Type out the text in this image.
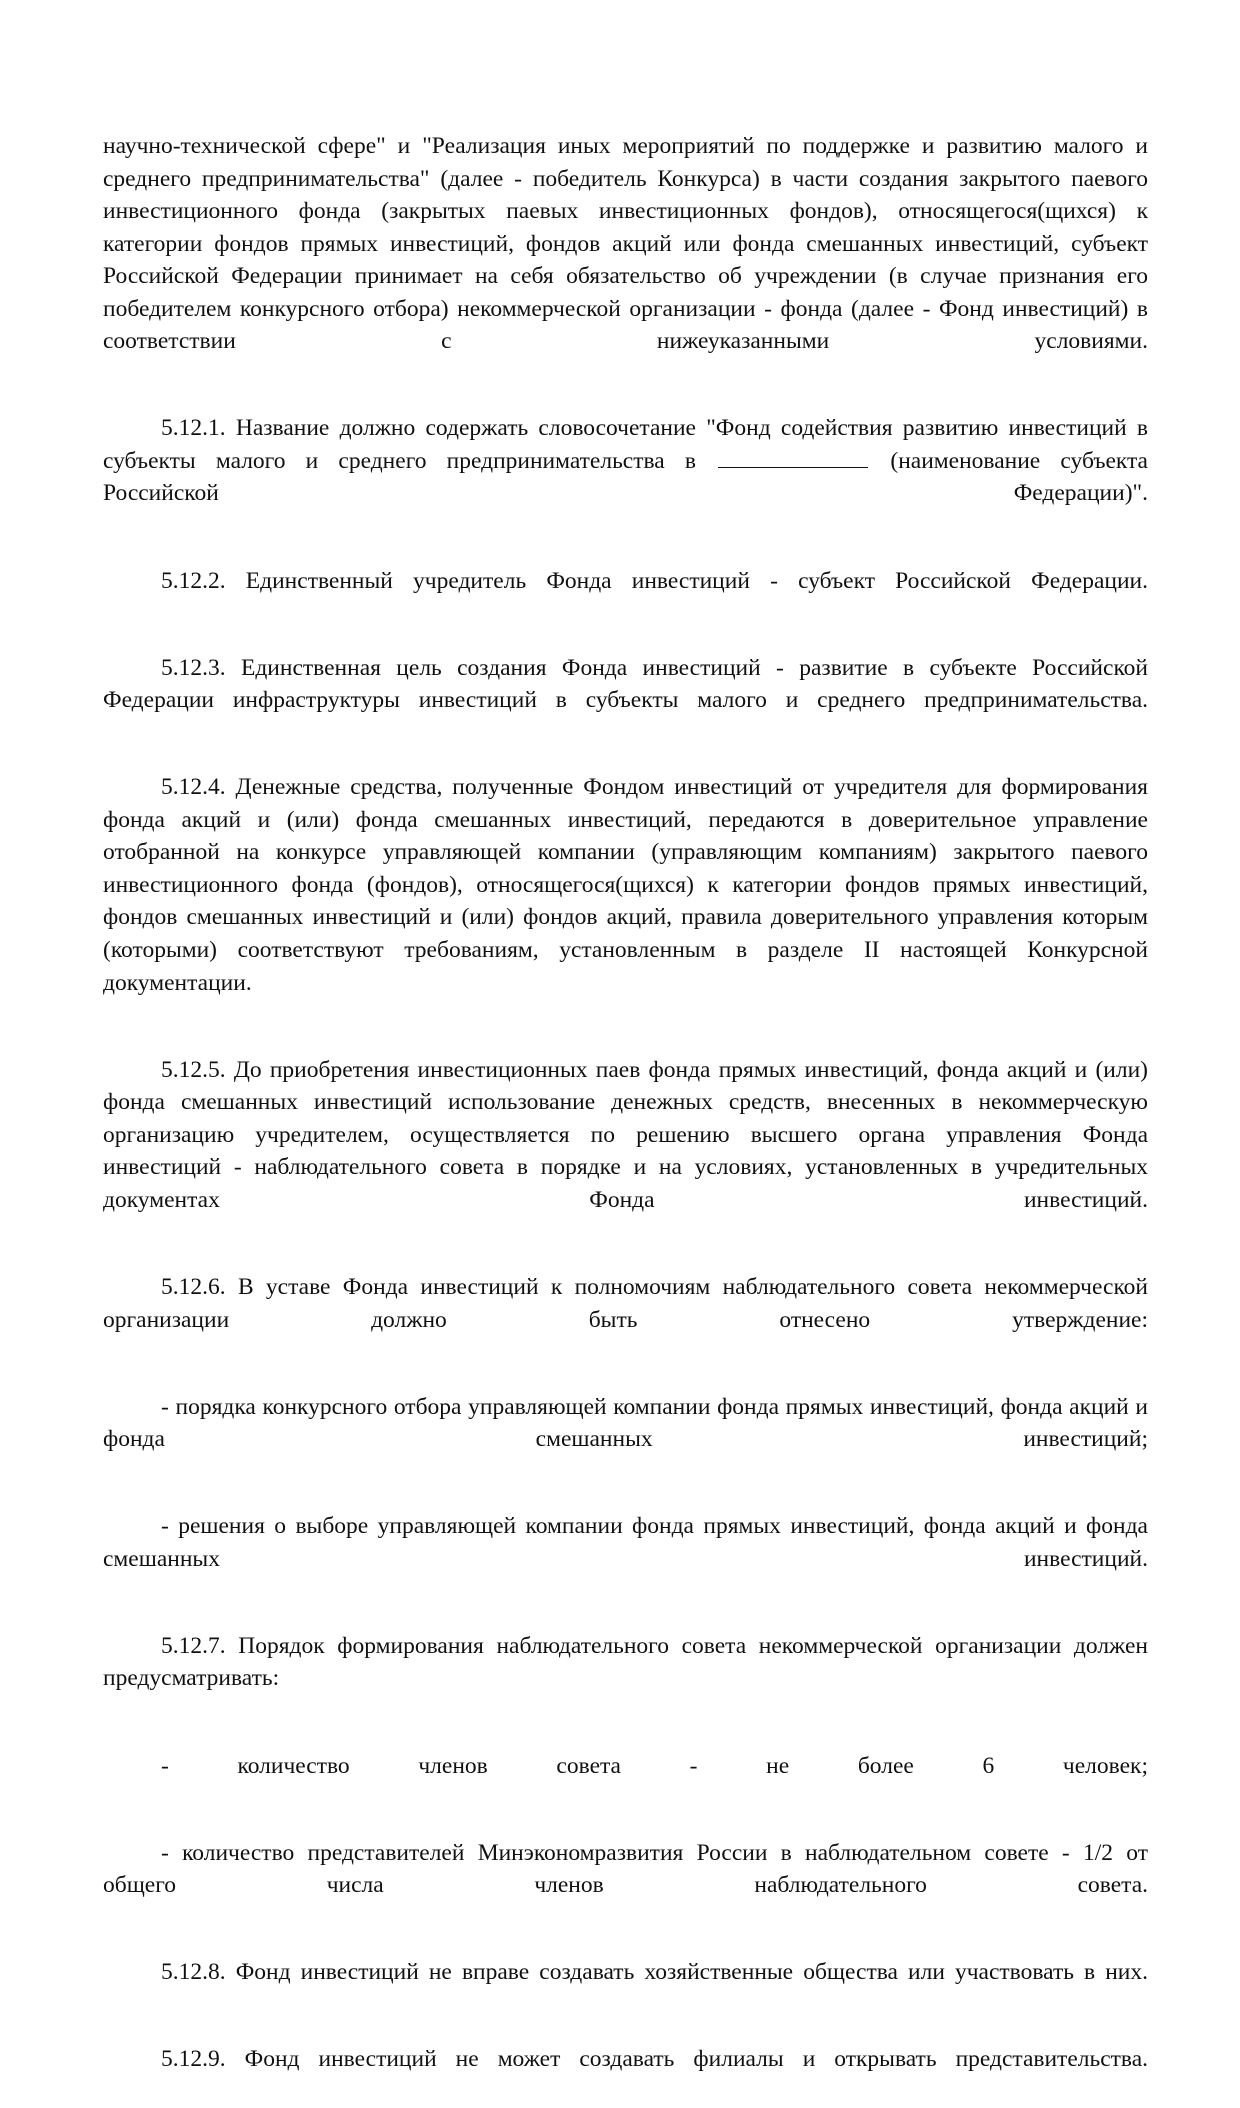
научно-технической сфере" и "Реализация иных мероприятий по поддержке и развитию малого и среднего предпринимательства" (далее - победитель Конкурса) в части создания закрытого паевого инвестиционного фонда (закрытых паевых инвестиционных фондов), относящегося(щихся) к категории фондов прямых инвестиций, фондов акций или фонда смешанных инвестиций, субъект Российской Федерации принимает на себя обязательство об учреждении (в случае признания его победителем конкурсного отбора) некоммерческой организации - фонда (далее - Фонд инвестиций) в соответствии с нижеуказанными условиями.

5.12.1. Название должно содержать словосочетание "Фонд содействия развитию инвестиций в субъекты малого и среднего предпринимательства в	(наименование субъекта Российской Федерации)".

5.12.2. Единственный учредитель Фонда инвестиций - субъект Российской Федерации.

5.12.3. Единственная цель создания Фонда инвестиций - развитие в субъекте Российской Федерации инфраструктуры инвестиций в субъекты малого и среднего предпринимательства.

5.12.4. Денежные средства, полученные Фондом инвестиций от учредителя для формирования фонда акций и (или) фонда смешанных инвестиций, передаются в доверительное управление отобранной на конкурсе управляющей компании (управляющим компаниям) закрытого паевого инвестиционного фонда (фондов), относящегося(щихся) к категории фондов прямых инвестиций, фондов смешанных инвестиций и (или) фондов акций, правила доверительного управления которым (которыми) соответствуют требованиям, установленным в разделе II настоящей Конкурсной документации.

5.12.5. До приобретения инвестиционных паев фонда прямых инвестиций, фонда акций и (или) фонда смешанных инвестиций использование денежных средств, внесенных в некоммерческую организацию учредителем, осуществляется по решению высшего органа управления Фонда инвестиций - наблюдательного совета в порядке и на условиях, установленных в учредительных документах Фонда инвестиций.

5.12.6. В уставе Фонда инвестиций к полномочиям наблюдательного совета некоммерческой организации должно быть отнесено утверждение:

- порядка конкурсного отбора управляющей компании фонда прямых инвестиций, фонда акций и фонда смешанных инвестиций;

- решения о выборе управляющей компании фонда прямых инвестиций, фонда акций и фонда смешанных инвестиций.

5.12.7. Порядок формирования наблюдательного совета некоммерческой организации должен предусматривать:

- количество членов совета - не более 6 человек;

- количество представителей Минэкономразвития России в наблюдательном совете - 1/2 от общего числа членов наблюдательного совета.

5.12.8. Фонд инвестиций не вправе создавать хозяйственные общества или участвовать в них.

5.12.9. Фонд инвестиций не может создавать филиалы и открывать представительства.
